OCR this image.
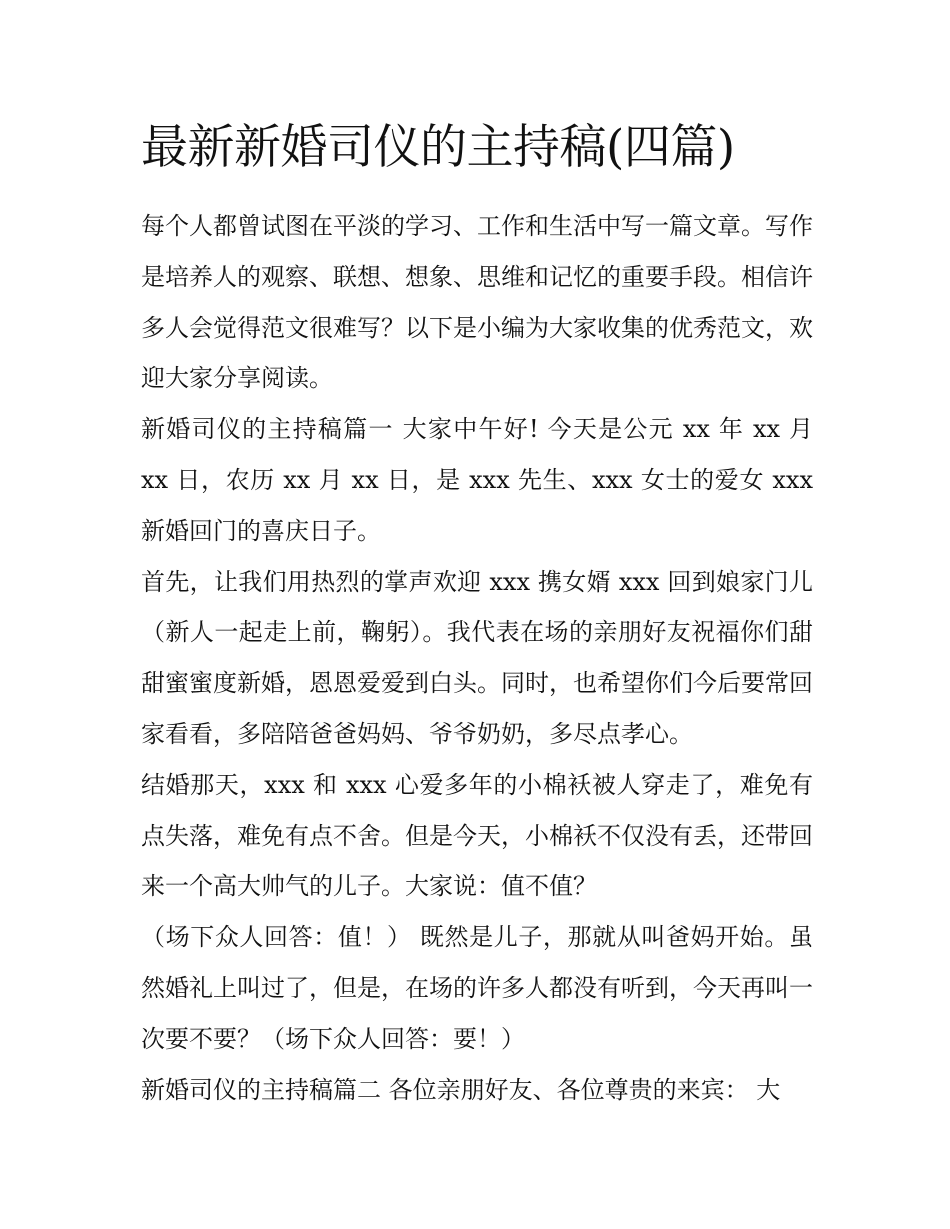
最新新婚司仪的主持稿(四篇)

每个人都曾试图在平淡的学习、工作和生活中写一篇文章。写作是培养人的观察、联想、想象、思维和记忆的重要手段。相信许多人会觉得范文很难写？以下是小编为大家收集的优秀范文，欢迎大家分享阅读。

新婚司仪的主持稿篇一 大家中午好! 今天是公元 xx 年 xx 月 xx 日，农历 xx 月 xx 日，是 xxx 先生、xxx 女士的爱女 xxx 新婚回门的喜庆日子。

首先，让我们用热烈的掌声欢迎 xxx 携女婿 xxx 回到娘家门儿（新人一起走上前，鞠躬）。我代表在场的亲朋好友祝福你们甜甜蜜蜜度新婚，恩恩爱爱到白头。同时，也希望你们今后要常回家看看，多陪陪爸爸妈妈、爷爷奶奶，多尽点孝心。

结婚那天，xxx 和 xxx 心爱多年的小棉袄被人穿走了，难免有点失落，难免有点不舍。但是今天，小棉袄不仅没有丢，还带回来一个高大帅气的儿子。大家说：值不值？

（场下众人回答：值！） 既然是儿子，那就从叫爸妈开始。虽然婚礼上叫过了，但是，在场的许多人都没有听到，今天再叫一次要不要？（场下众人回答：要！）

新婚司仪的主持稿篇二 各位亲朋好友、各位尊贵的来宾： 大
